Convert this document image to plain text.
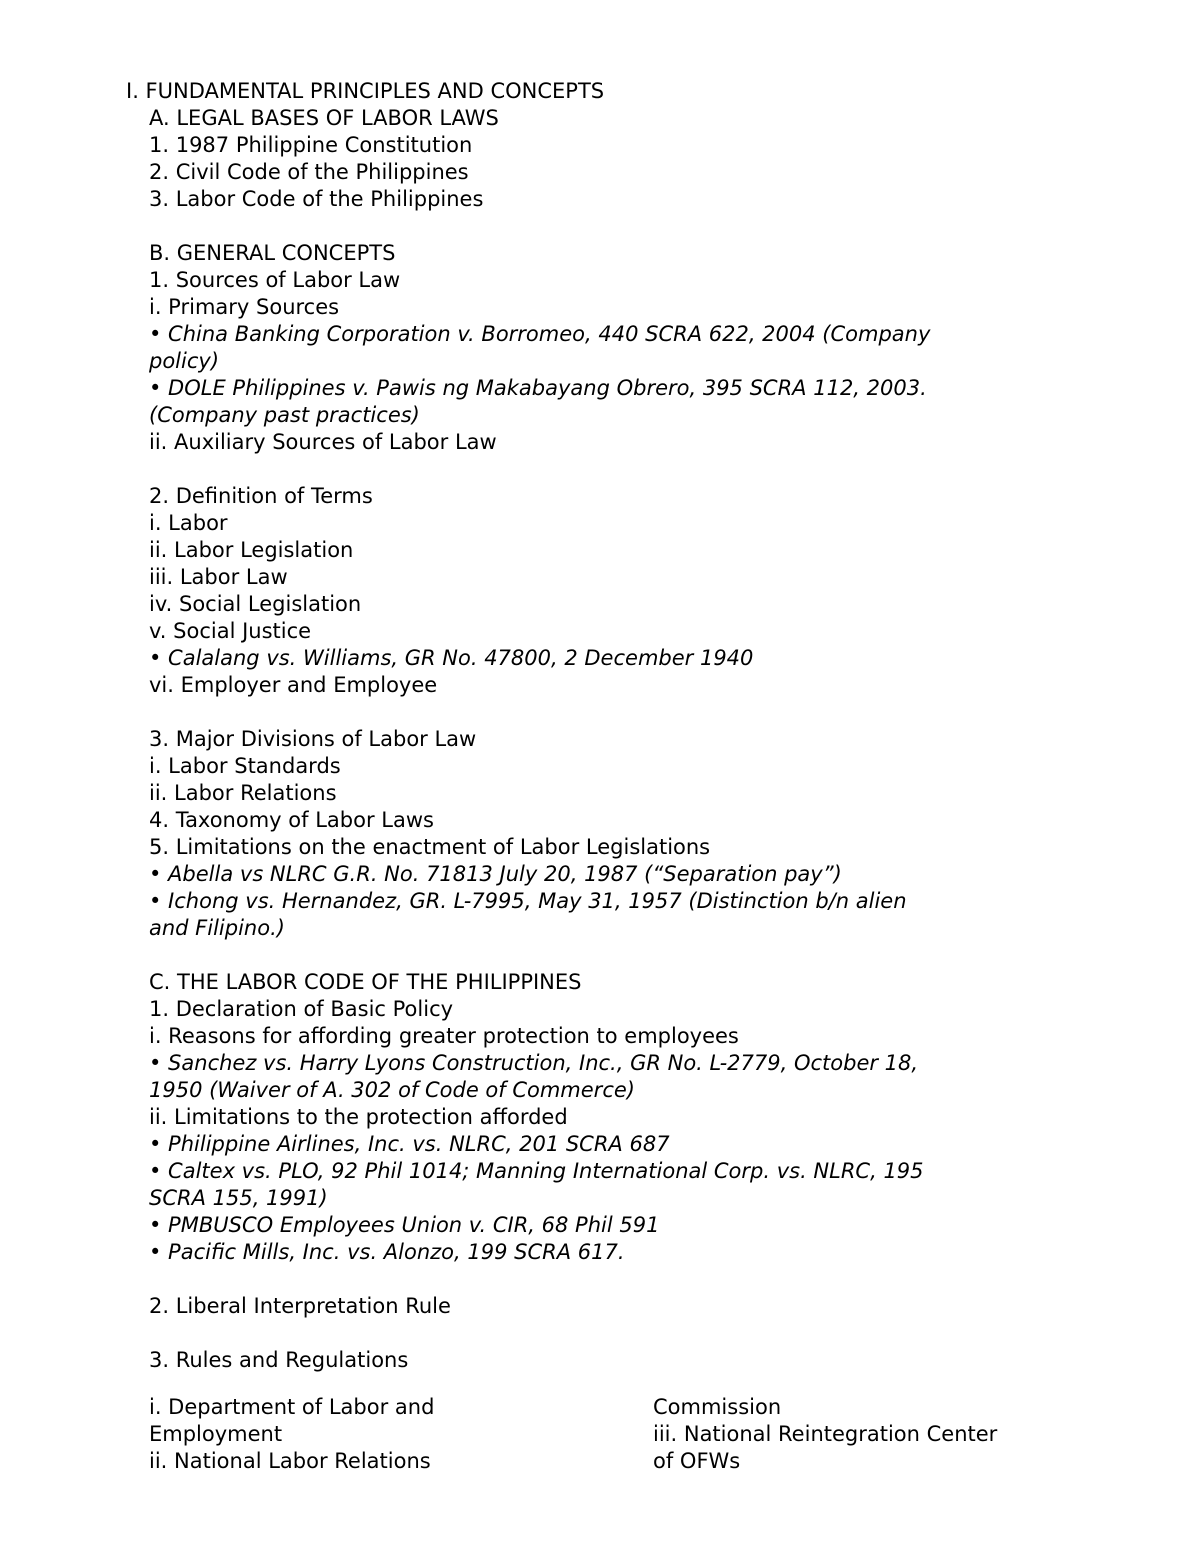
I. FUNDAMENTAL PRINCIPLES AND CONCEPTS
A. LEGAL BASES OF LABOR LAWS
1. 1987 Philippine Constitution
2. Civil Code of the Philippines
3. Labor Code of the Philippines
B. GENERAL CONCEPTS
1. Sources of Labor Law
i. Primary Sources
• China Banking Corporation v. Borromeo, 440 SCRA 622, 2004 (Company
policy)
• DOLE Philippines v. Pawis ng Makabayang Obrero, 395 SCRA 112, 2003.
(Company past practices)
ii. Auxiliary Sources of Labor Law
2. Definition of Terms
i. Labor
ii. Labor Legislation
iii. Labor Law
iv. Social Legislation
v. Social Justice
• Calalang vs. Williams, GR No. 47800, 2 December 1940
vi. Employer and Employee
3. Major Divisions of Labor Law
i. Labor Standards
ii. Labor Relations
4. Taxonomy of Labor Laws
5. Limitations on the enactment of Labor Legislations
• Abella vs NLRC G.R. No. 71813 July 20, 1987 (“Separation pay”)
• Ichong vs. Hernandez, GR. L-7995, May 31, 1957 (Distinction b/n alien
and Filipino.)
C. THE LABOR CODE OF THE PHILIPPINES
1. Declaration of Basic Policy
i. Reasons for affording greater protection to employees
• Sanchez vs. Harry Lyons Construction, Inc., GR No. L-2779, October 18,
1950 (Waiver of A. 302 of Code of Commerce)
ii. Limitations to the protection afforded
• Philippine Airlines, Inc. vs. NLRC, 201 SCRA 687
• Caltex vs. PLO, 92 Phil 1014; Manning International Corp. vs. NLRC, 195
SCRA 155, 1991)
• PMBUSCO Employees Union v. CIR, 68 Phil 591
• Pacific Mills, Inc. vs. Alonzo, 199 SCRA 617.
2. Liberal Interpretation Rule
3. Rules and Regulations
i. Department of Labor and
Employment
ii. National Labor Relations
Commission
iii. National Reintegration Center
of OFWs
